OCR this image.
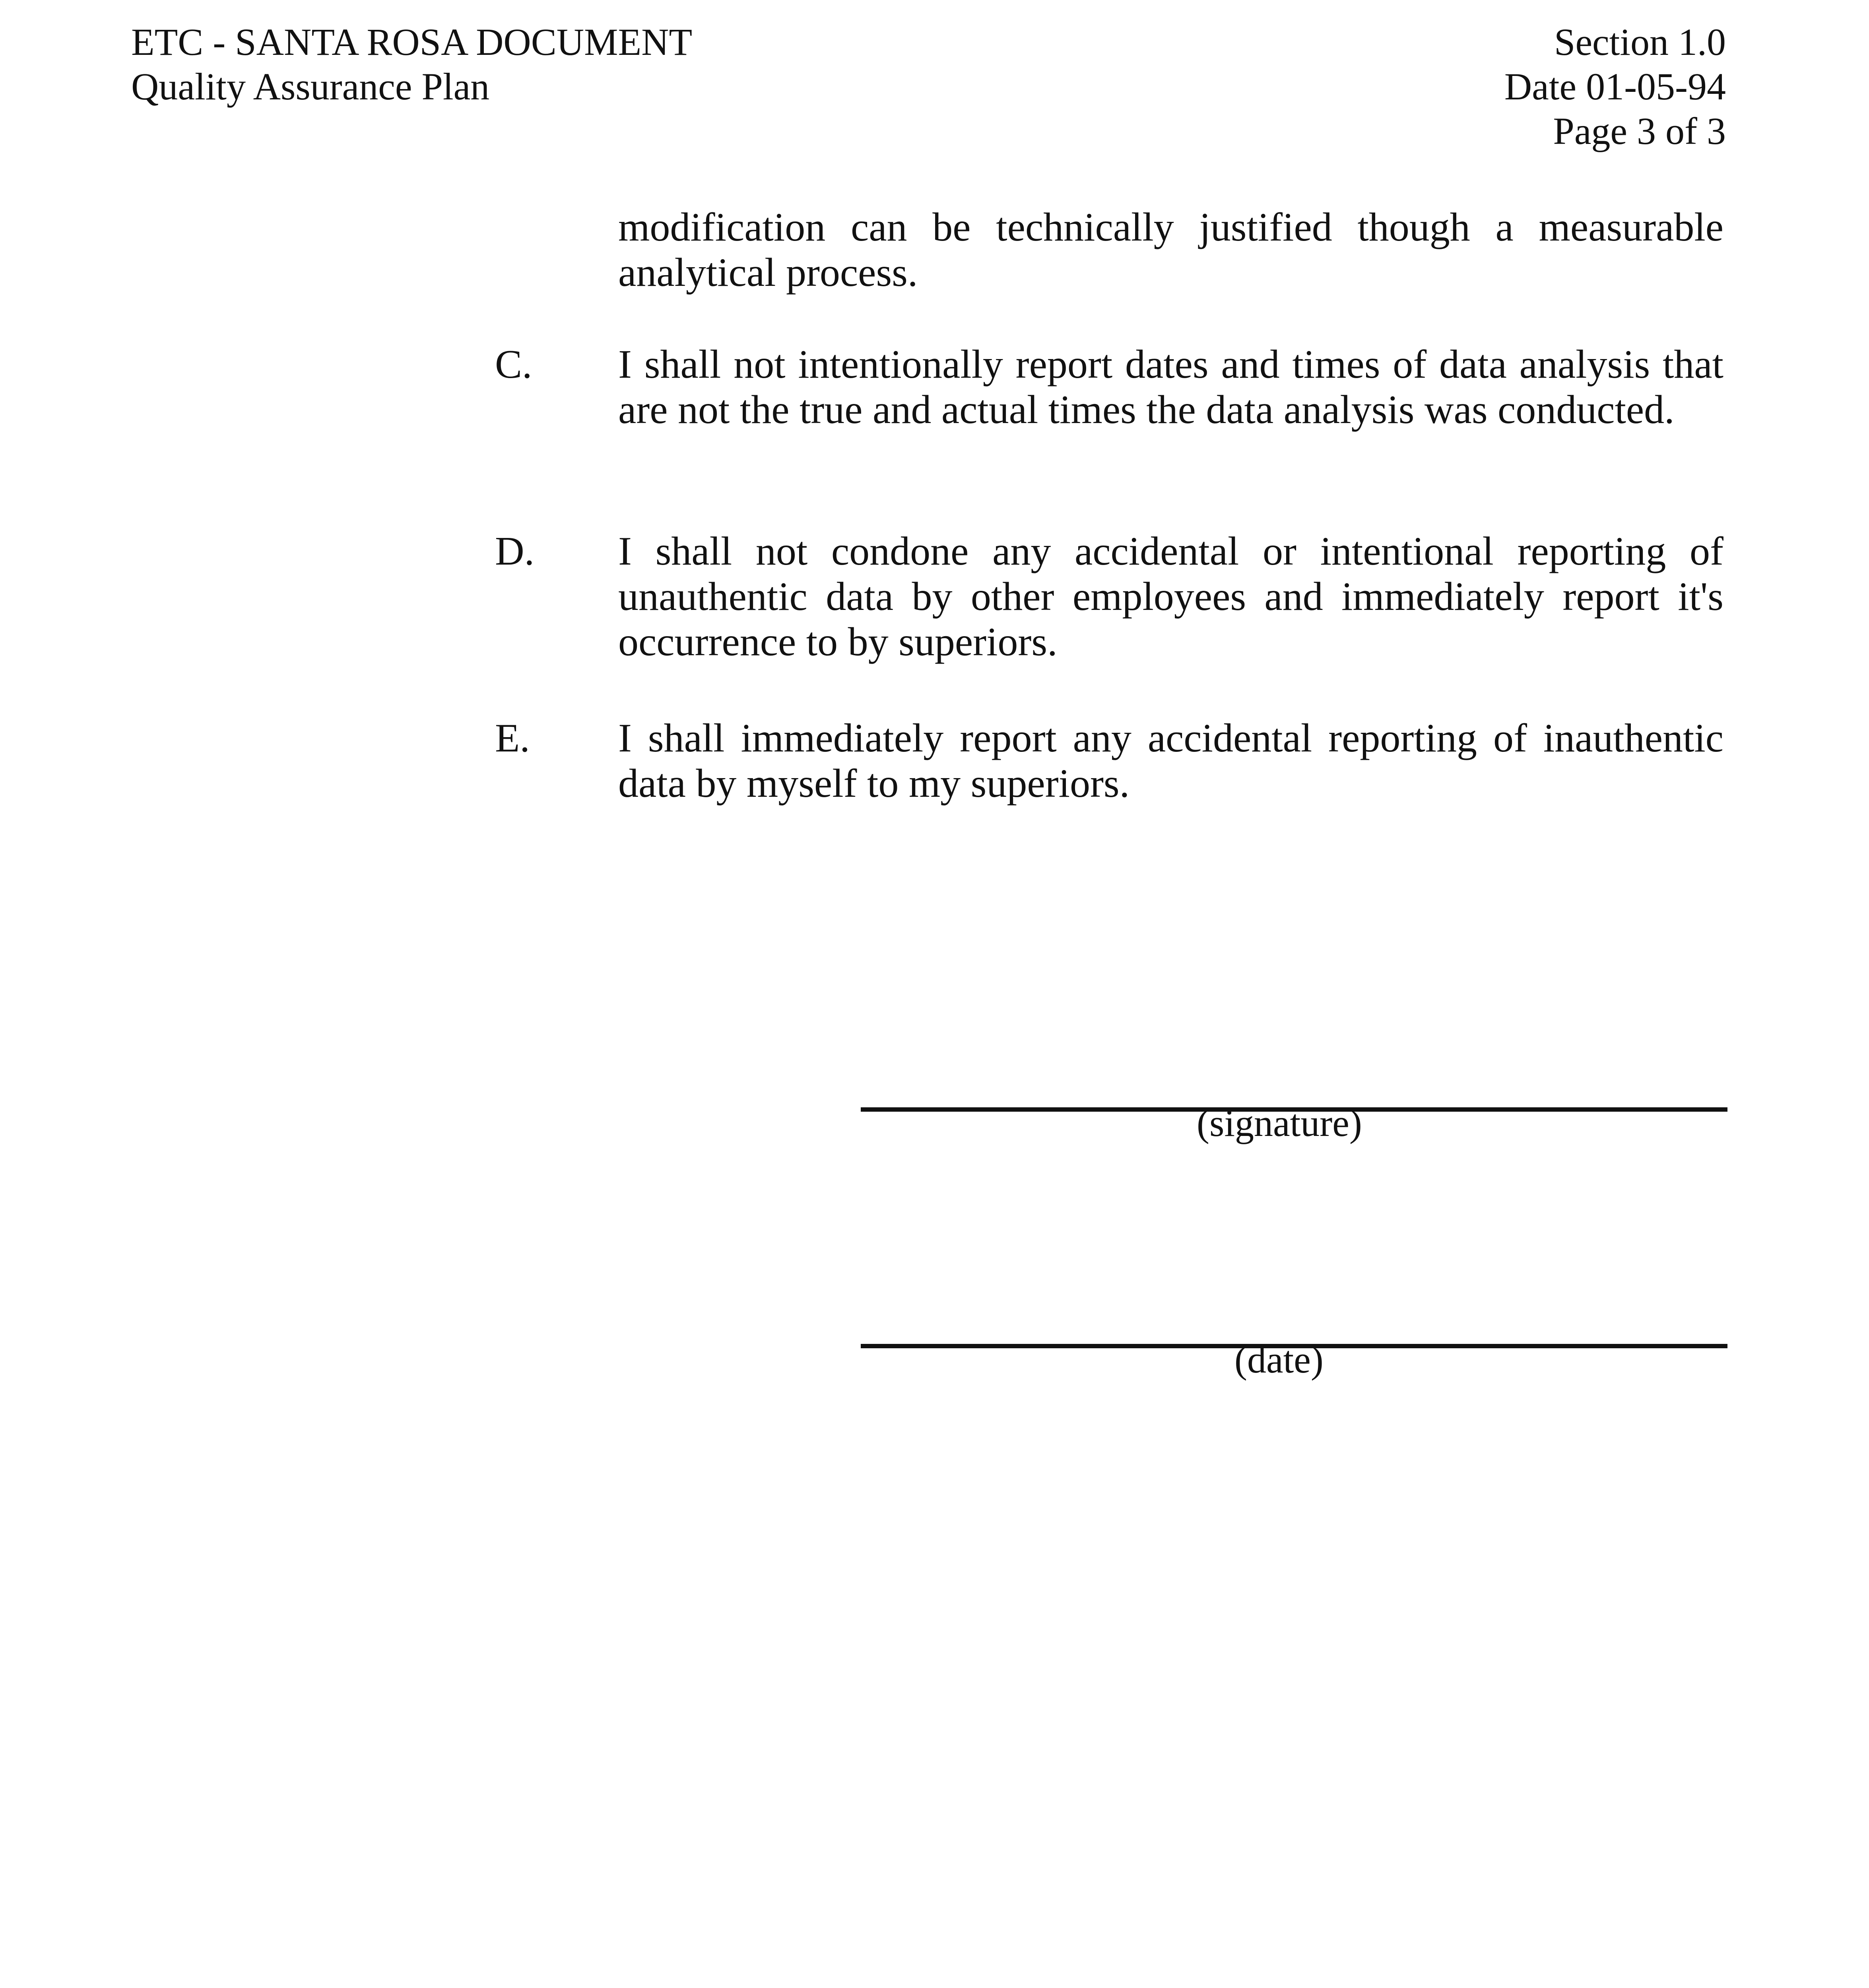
ETC - SANTA ROSA DOCUMENT
Quality Assurance Plan
Section 1.0
Date 01-05-94
Page 3 of 3
modification can be technically justified though a measurable analytical process.
C. I shall not intentionally report dates and times of data analysis that are not the true and actual times the data analysis was conducted.
D. I shall not condone any accidental or intentional reporting of unauthentic data by other employees and immediately report it's occurrence to by superiors.
E. I shall immediately report any accidental reporting of inauthentic data by myself to my superiors.
(signature)
(date)
